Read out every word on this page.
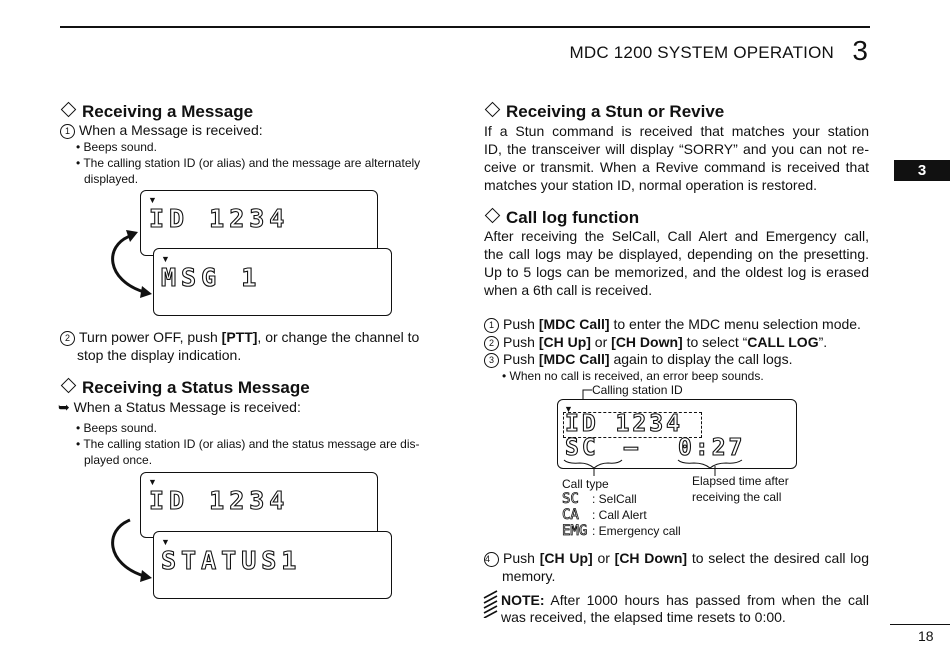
MDC 1200 SYSTEM OPERATION 3
3
Receiving a Message
1 When a Message is received:
• Beeps sound.
• The calling station ID (or alias) and the message are alternately
displayed.
▼
ID 1234
▼
MSG 1
2 Turn power OFF, push [PTT], or change the channel to
stop the display indication.
Receiving a Status Message
➥ When a Status Message is received:
• Beeps sound.
• The calling station ID (or alias) and the status message are dis-
played once.
▼
ID 1234
▼
STATUS1
Receiving a Stun or Revive
If a Stun command is received that matches your station
ID, the transceiver will display “SORRY” and you can not re-
ceive or transmit. When a Revive command is received that
matches your station ID, normal operation is restored.
Call log function
After receiving the SelCall, Call Alert and Emergency call,
the call logs may be displayed, depending on the presetting.
Up to 5 logs can be memorized, and the oldest log is erased
when a 6th call is received.
1 Push [MDC Call] to enter the MDC menu selection mode.
2 Push [CH Up] or [CH Down] to select “CALL LOG”.
3 Push [MDC Call] again to display the call logs.
• When no call is received, an error beep sounds.
Calling station ID
▼
ID 1234
SC – 0:27
Call type
SC : SelCall
CA : Call Alert
EMG : Emergency call
Elapsed time after
receiving the call
4 Push [CH Up] or [CH Down] to select the desired call log
memory.
NOTE: After 1000 hours has passed from when the call
was received, the elapsed time resets to 0:00.
18
